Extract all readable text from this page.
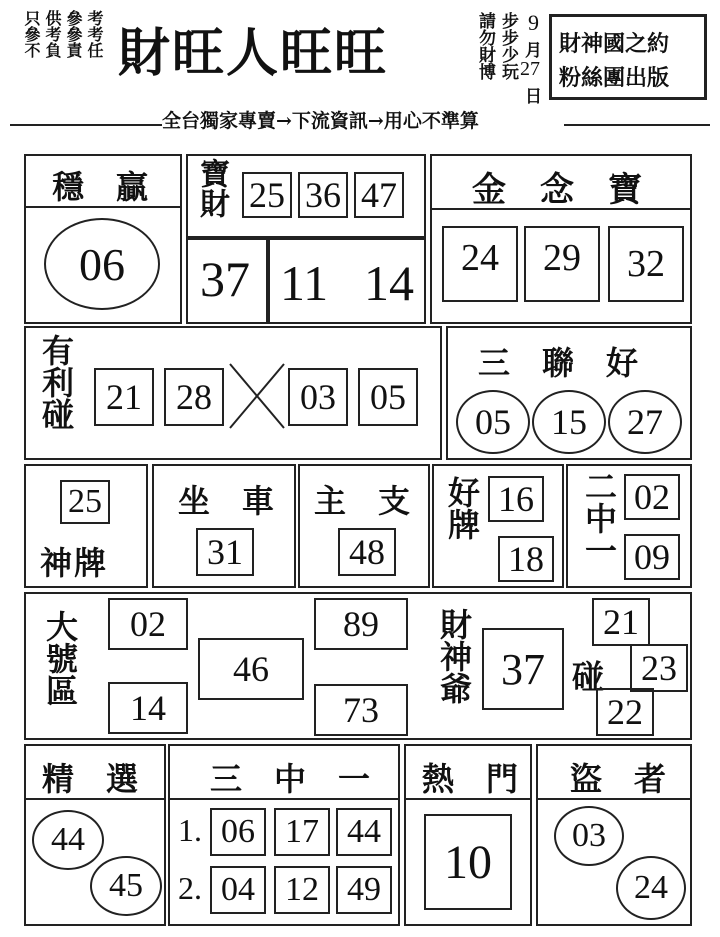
只參不 供考負 參參責 考考任 財旺人旺旺	請勿財博 步步少玩 9
月
27
日
財神國之約
粉絲團出版
全台獨家專賣→下流資訊→用心不準算
穩　贏
06
寶財 25 36 47
37 11 14
金　念　寶
24	29	32
有利碰 21 28	03 05
三　聯　好
05	15	27
25
神牌
坐　車
31
主　支
48
好牌 16
18	二中一 02
09
大號區	02
14
46
89
73
財神爺 37 碰
21
23
22
精　選
44
45
三　中　一
1. 06 17 44
2. 04 12 49
熱　門
10
盜　者
03
24
